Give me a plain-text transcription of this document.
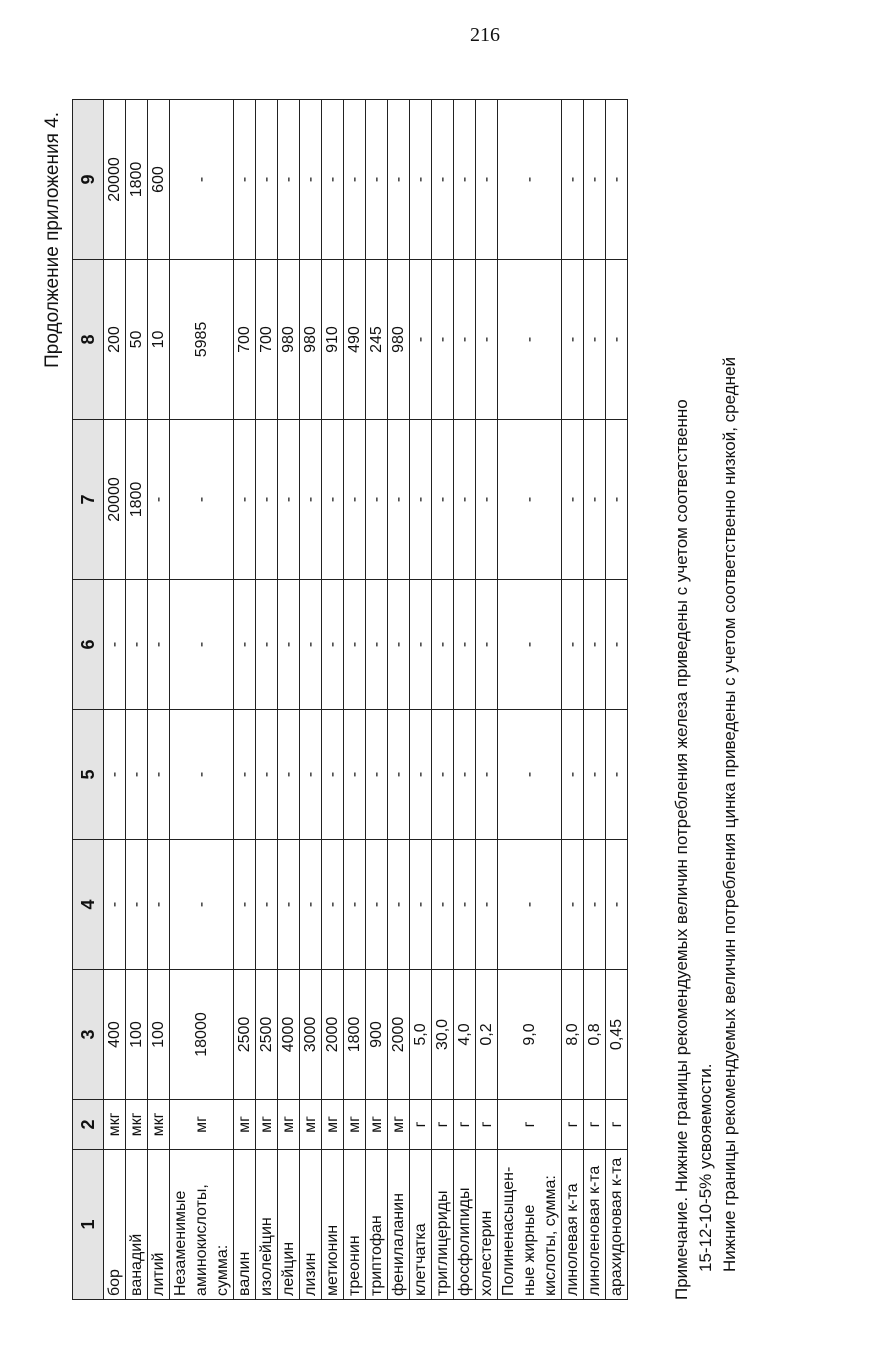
216
Продолжение приложения 4.
1	2	3	4	5	6	7	8	9
бор	мкг	400	-	-	-	20000	200	20000
ванадий	мкг	100	-	-	-	1800	50	1800
литий	мкг	100	-	-	-	-	10	600
Незаменимые аминокислоты, сумма:	мг	18000	-	-	-	-	5985	-
валин	мг	2500	-	-	-	-	700	-
изолейцин	мг	2500	-	-	-	-	700	-
лейцин	мг	4000	-	-	-	-	980	-
лизин	мг	3000	-	-	-	-	980	-
метионин	мг	2000	-	-	-	-	910	-
треонин	мг	1800	-	-	-	-	490	-
триптофан	мг	900	-	-	-	-	245	-
фенилаланин	мг	2000	-	-	-	-	980	-
клетчатка	г	5,0	-	-	-	-	-	-
триглицериды	г	30,0	-	-	-	-	-	-
фосфолипиды	г	4,0	-	-	-	-	-	-
холестерин	г	0,2	-	-	-	-	-	-
Полиненасыщен-ные жирные кислоты, сумма:	г	9,0	-	-	-	-	-	-
линолевая к-та	г	8,0	-	-	-	-	-	-
линоленовая к-та	г	0,8	-	-	-	-	-	-
арахидоновая к-та	г	0,45	-	-	-	-	-	-

Примечание. Нижние границы рекомендуемых величин потребления железа приведены с учетом соответственно 15-12-10-5% усвояемости. Нижние границы рекомендуемых величин потребления цинка приведены с учетом соответственно низкой, средней
